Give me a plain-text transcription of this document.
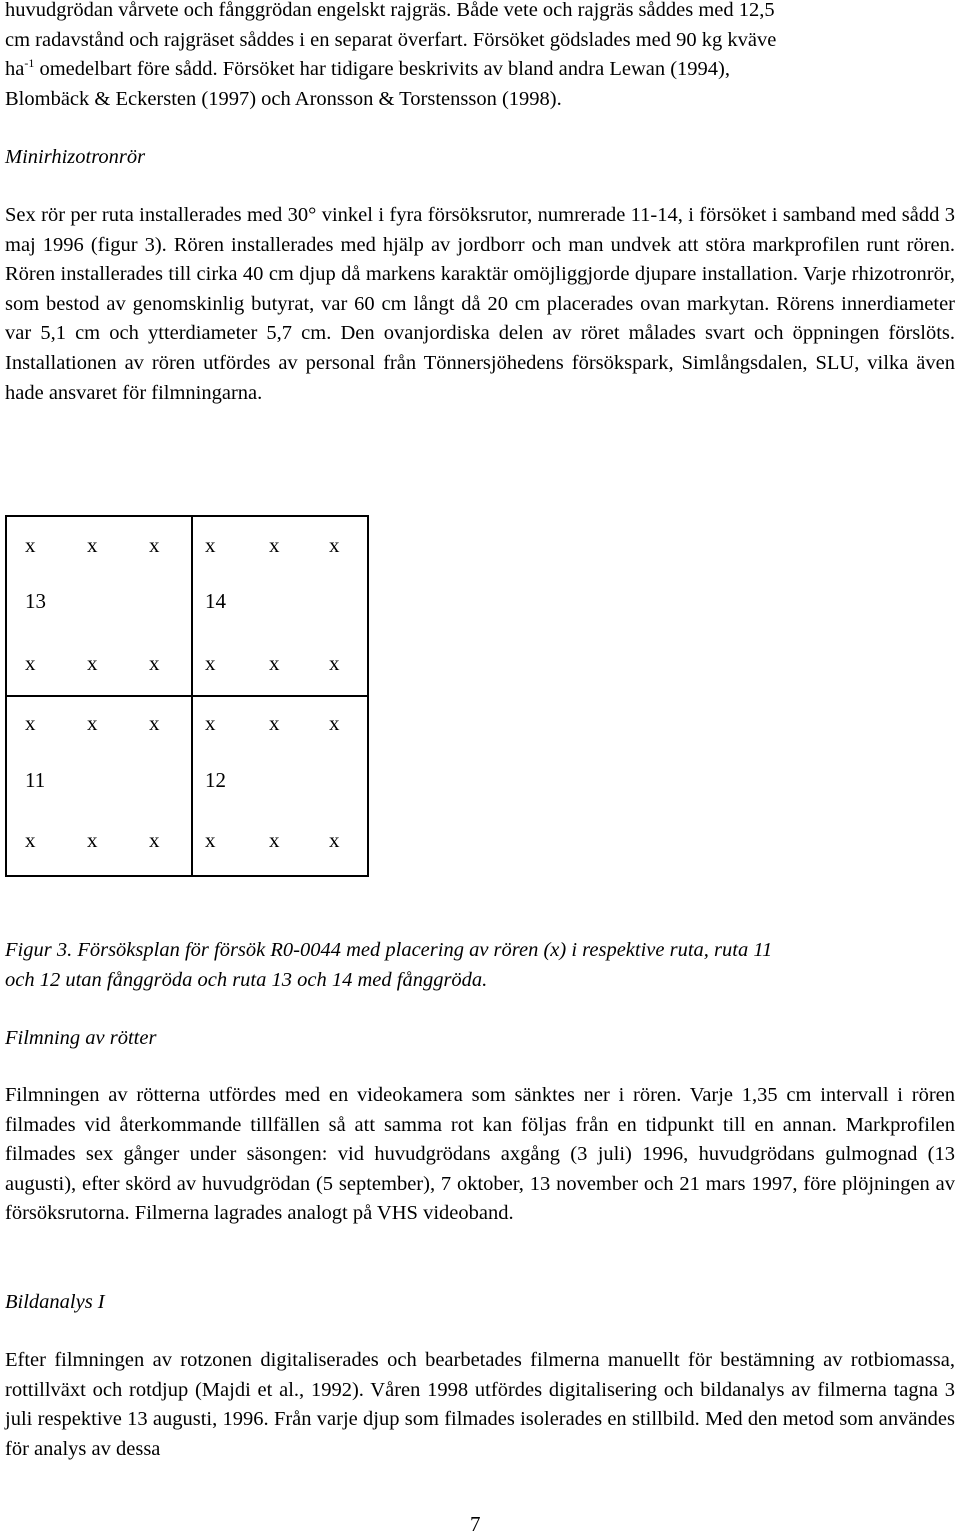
huvudgrödan vårvete och fånggrödan engelskt rajgräs. Både vete och rajgräs såddes med 12,5

cm radavstånd och rajgräset såddes i en separat överfart. Försöket gödslades med 90 kg kväve

$ha^{-1}$ omedelbart före sådd. Försöket har tidigare beskrivits av bland andra Lewan (1994),

Blombäck & Eckersten (1997) och Aronsson & Torstensson (1998).

Minirhizotronrör

Sex rör per ruta installerades med 30° vinkel i fyra försöksrutor, numrerade 11-14, i försöket i samband med sådd 3 maj 1996 (figur 3). Rören installerades med hjälp av jordborr och man undvek att störa markprofilen runt rören. Rören installerades till cirka 40 cm djup då markens karaktär omöjliggjorde djupare installation. Varje rhizotronrör, som bestod av genomskinlig butyrat, var 60 cm långt då 20 cm placerades ovan markytan. Rörens innerdiameter var 5,1 cm och ytterdiameter 5,7 cm. Den ovanjordiska delen av röret målades svart och öppningen förslöts. Installationen av rören utfördes av personal från Tönnersjöhedens försökspark, Simlångsdalen, SLU, vilka även hade ansvaret för filmningarna.

x x x x	x x
13	14
x x x x	x x
x x x x	x x
11	12
x x x x	x x

Figur 3. Försöksplan för försök R0-0044 med placering av rören (x) i respektive ruta, ruta 11

och 12 utan fånggröda och ruta 13 och 14 med fånggröda.

Filmning av rötter

Filmningen av rötterna utfördes med en videokamera som sänktes ner i rören. Varje 1,35 cm intervall i rören filmades vid återkommande tillfällen så att samma rot kan följas från en tidpunkt till en annan. Markprofilen filmades sex gånger under säsongen: vid huvudgrödans axgång (3 juli) 1996, huvudgrödans gulmognad (13 augusti), efter skörd av huvudgrödan (5 september), 7 oktober, 13 november och 21 mars 1997, före plöjningen av försöksrutorna. Filmerna lagrades analogt på VHS videoband.

Bildanalys I

Efter filmningen av rotzonen digitaliserades och bearbetades filmerna manuellt för bestämning av rotbiomassa, rottillväxt och rotdjup (Majdi et al., 1992). Våren 1998 utfördes digitalisering och bildanalys av filmerna tagna 3 juli respektive 13 augusti, 1996. Från varje djup som filmades isolerades en stillbild. Med den metod som användes för analys av dessa

7
